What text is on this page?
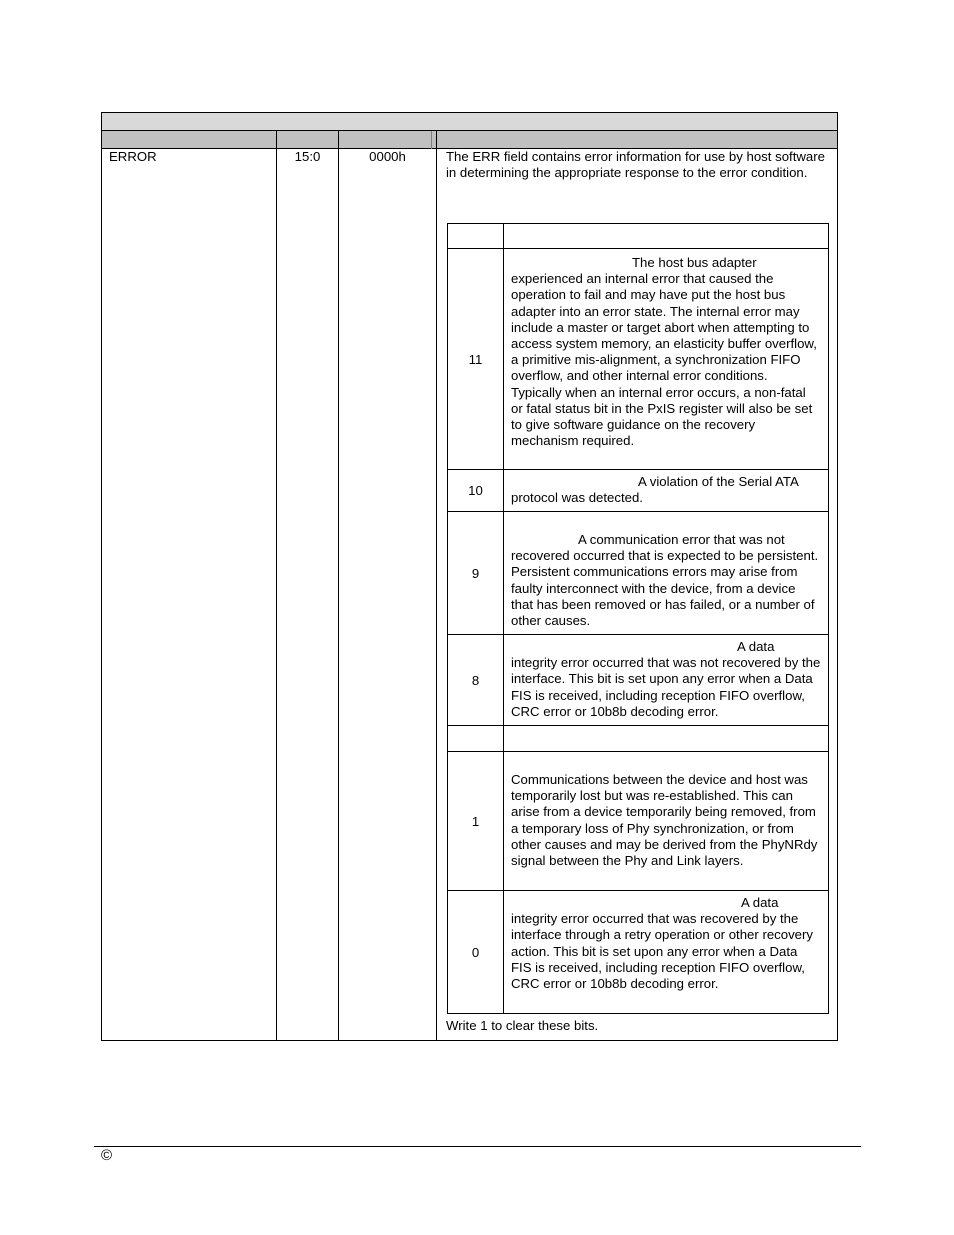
ERROR	15:0	0000h	The ERR field contains error information for use by host software in determining the appropriate response to the error condition.
11
The host bus adapter experienced an internal error that caused the operation to fail and may have put the host bus adapter into an error state. The internal error may include a master or target abort when attempting to access system memory, an elasticity buffer overflow, a primitive mis-alignment, a synchronization FIFO overflow, and other internal error conditions. Typically when an internal error occurs, a non-fatal or fatal status bit in the PxIS register will also be set to give software guidance on the recovery mechanism required.
10
A violation of the Serial ATA protocol was detected.
9
A communication error that was not recovered occurred that is expected to be persistent. Persistent communications errors may arise from faulty interconnect with the device, from a device that has been removed or has failed, or a number of other causes.
8
A data integrity error occurred that was not recovered by the interface. This bit is set upon any error when a Data FIS is received, including reception FIFO overflow, CRC error or 10b8b decoding error.
1
Communications between the device and host was temporarily lost but was re-established. This can arise from a device temporarily being removed, from a temporary loss of Phy synchronization, or from other causes and may be derived from the PhyNRdy signal between the Phy and Link layers.
0
A data integrity error occurred that was recovered by the interface through a retry operation or other recovery action. This bit is set upon any error when a Data FIS is received, including reception FIFO overflow, CRC error or 10b8b decoding error.
Write 1 to clear these bits.
©
